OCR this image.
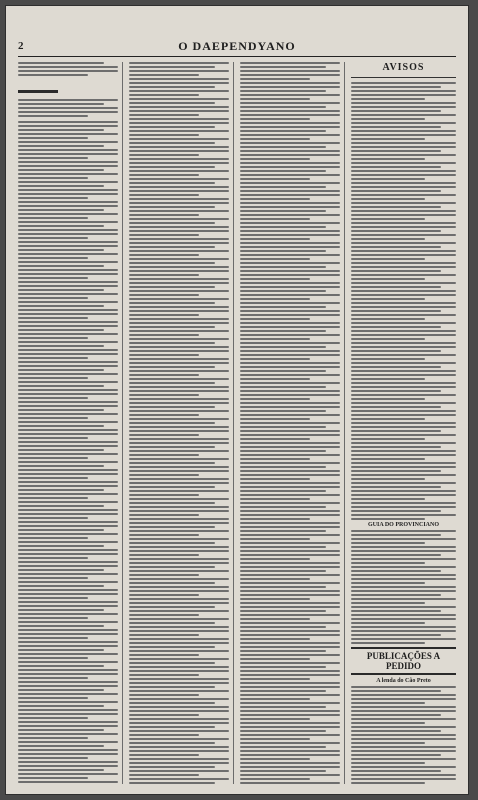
2	O DAEPENDYANO
AVISOS
GUIA DO PROVINCIANO
PUBLICAÇÕES A PEDIDO
A lenda do Cão Preto
